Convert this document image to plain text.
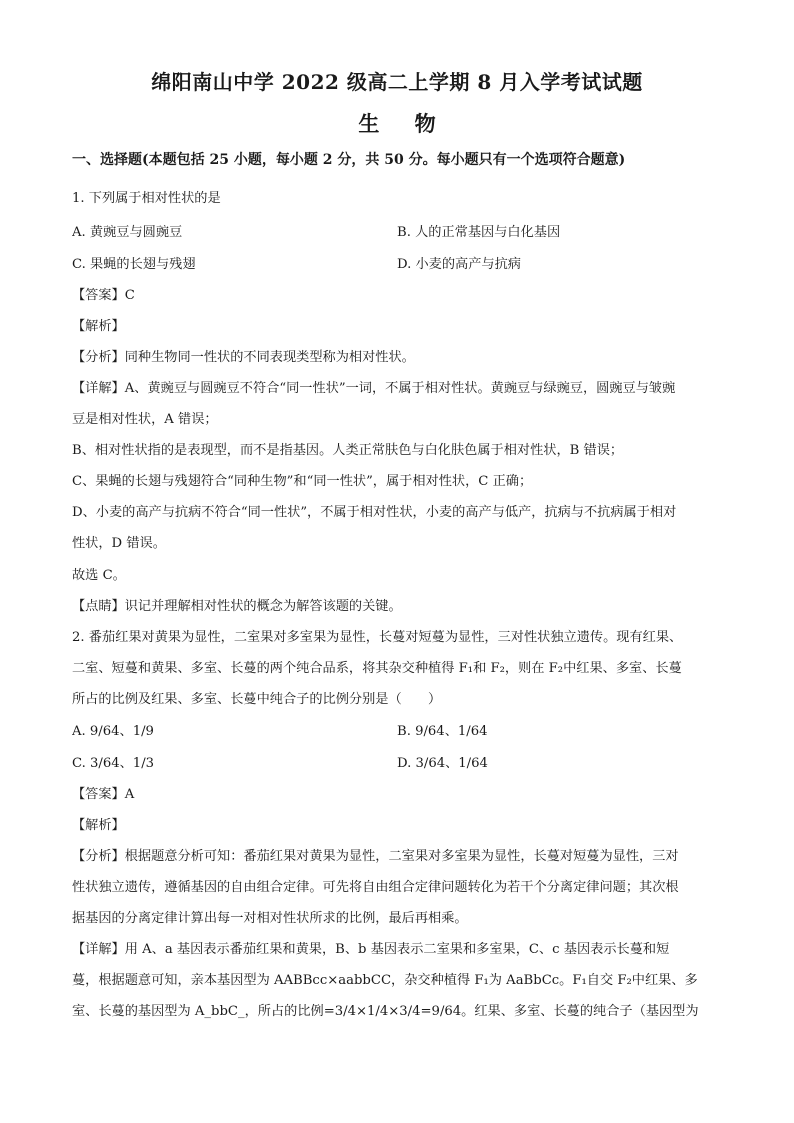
绵阳南山中学 2022 级高二上学期 8 月入学考试试题
生 物
一、选择题(本题包括 25 小题，每小题 2 分，共 50 分。每小题只有一个选项符合题意)
1. 下列属于相对性状的是
A. 黄豌豆与圆豌豆	B. 人的正常基因与白化基因
C. 果蝇的长翅与残翅	D. 小麦的高产与抗病
【答案】C
【解析】
【分析】同种生物同一性状的不同表现类型称为相对性状。
【详解】A、黄豌豆与圆豌豆不符合“同一性状”一词，不属于相对性状。黄豌豆与绿豌豆，圆豌豆与皱豌
豆是相对性状，A 错误；
B、相对性状指的是表现型，而不是指基因。人类正常肤色与白化肤色属于相对性状，B 错误；
C、果蝇的长翅与残翅符合“同种生物”和“同一性状”，属于相对性状，C 正确；
D、小麦的高产与抗病不符合“同一性状”，不属于相对性状，小麦的高产与低产，抗病与不抗病属于相对
性状，D 错误。
故选 C。
【点睛】识记并理解相对性状的概念为解答该题的关键。
2. 番茄红果对黄果为显性，二室果对多室果为显性，长蔓对短蔓为显性，三对性状独立遗传。现有红果、
二室、短蔓和黄果、多室、长蔓的两个纯合品系，将其杂交种植得 F₁和 F₂，则在 F₂中红果、多室、长蔓
所占的比例及红果、多室、长蔓中纯合子的比例分别是（　　）
A. 9/64、1/9	B. 9/64、1/64
C. 3/64、1/3	D. 3/64、1/64
【答案】A
【解析】
【分析】根据题意分析可知：番茄红果对黄果为显性，二室果对多室果为显性，长蔓对短蔓为显性，三对
性状独立遗传，遵循基因的自由组合定律。可先将自由组合定律问题转化为若干个分离定律问题；其次根
据基因的分离定律计算出每一对相对性状所求的比例，最后再相乘。
【详解】用 A、a 基因表示番茄红果和黄果，B、b 基因表示二室果和多室果，C、c 基因表示长蔓和短
蔓，根据题意可知，亲本基因型为 AABBcc×aabbCC，杂交种植得 F₁为 AaBbCc。F₁自交 F₂中红果、多
室、长蔓的基因型为 A_bbC_，所占的比例=3/4×1/4×3/4=9/64。红果、多室、长蔓的纯合子（基因型为
